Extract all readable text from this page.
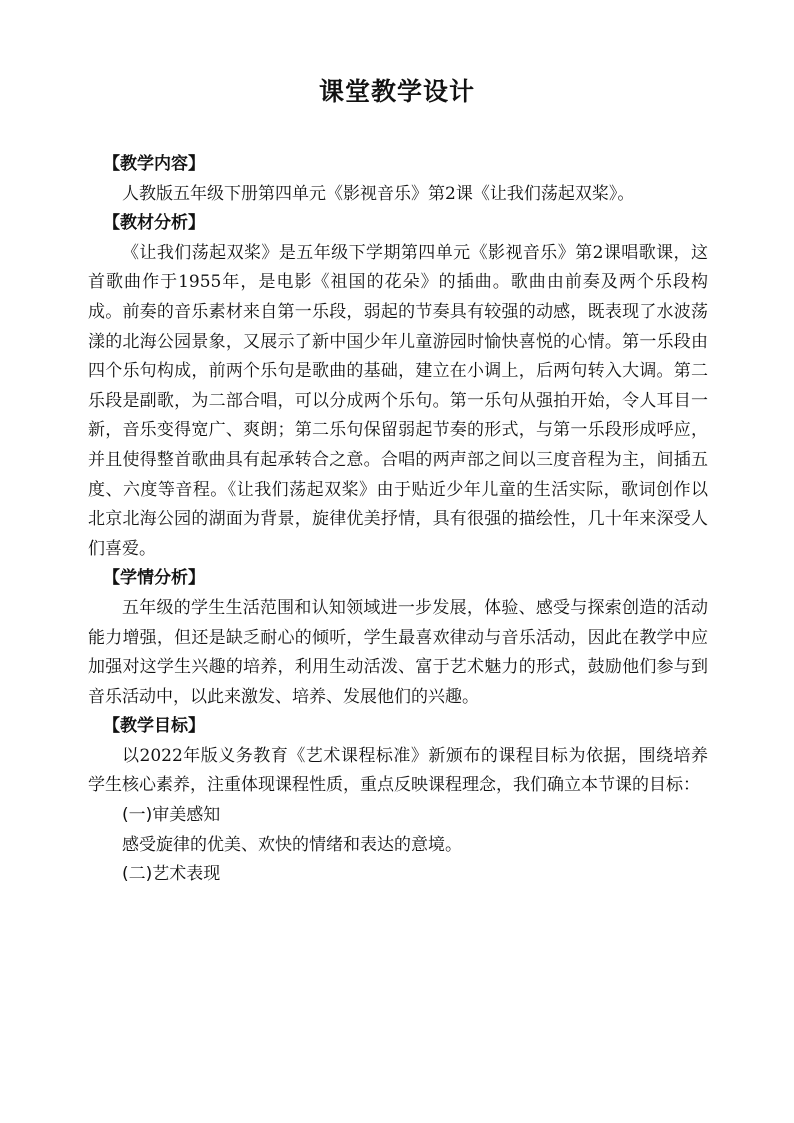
课堂教学设计

【教学内容】

人教版五年级下册第四单元《影视音乐》第2课《让我们荡起双桨》。

【教材分析】

《让我们荡起双桨》是五年级下学期第四单元《影视音乐》第2课唱歌课，这首歌曲作于1955年，是电影《祖国的花朵》的插曲。歌曲由前奏及两个乐段构成。前奏的音乐素材来自第一乐段，弱起的节奏具有较强的动感，既表现了水波荡漾的北海公园景象，又展示了新中国少年儿童游园时愉快喜悦的心情。第一乐段由四个乐句构成，前两个乐句是歌曲的基础，建立在小调上，后两句转入大调。第二乐段是副歌，为二部合唱，可以分成两个乐句。第一乐句从强拍开始，令人耳目一新，音乐变得宽广、爽朗；第二乐句保留弱起节奏的形式，与第一乐段形成呼应，并且使得整首歌曲具有起承转合之意。合唱的两声部之间以三度音程为主，间插五度、六度等音程。《让我们荡起双桨》由于贴近少年儿童的生活实际，歌词创作以北京北海公园的湖面为背景，旋律优美抒情，具有很强的描绘性，几十年来深受人们喜爱。

【学情分析】

五年级的学生生活范围和认知领域进一步发展，体验、感受与探索创造的活动能力增强，但还是缺乏耐心的倾听，学生最喜欢律动与音乐活动，因此在教学中应加强对这学生兴趣的培养，利用生动活泼、富于艺术魅力的形式，鼓励他们参与到音乐活动中，以此来激发、培养、发展他们的兴趣。

【教学目标】

以2022年版义务教育《艺术课程标准》新颁布的课程目标为依据，围绕培养学生核心素养，注重体现课程性质，重点反映课程理念，我们确立本节课的目标：

(一)审美感知

感受旋律的优美、欢快的情绪和表达的意境。

(二)艺术表现
